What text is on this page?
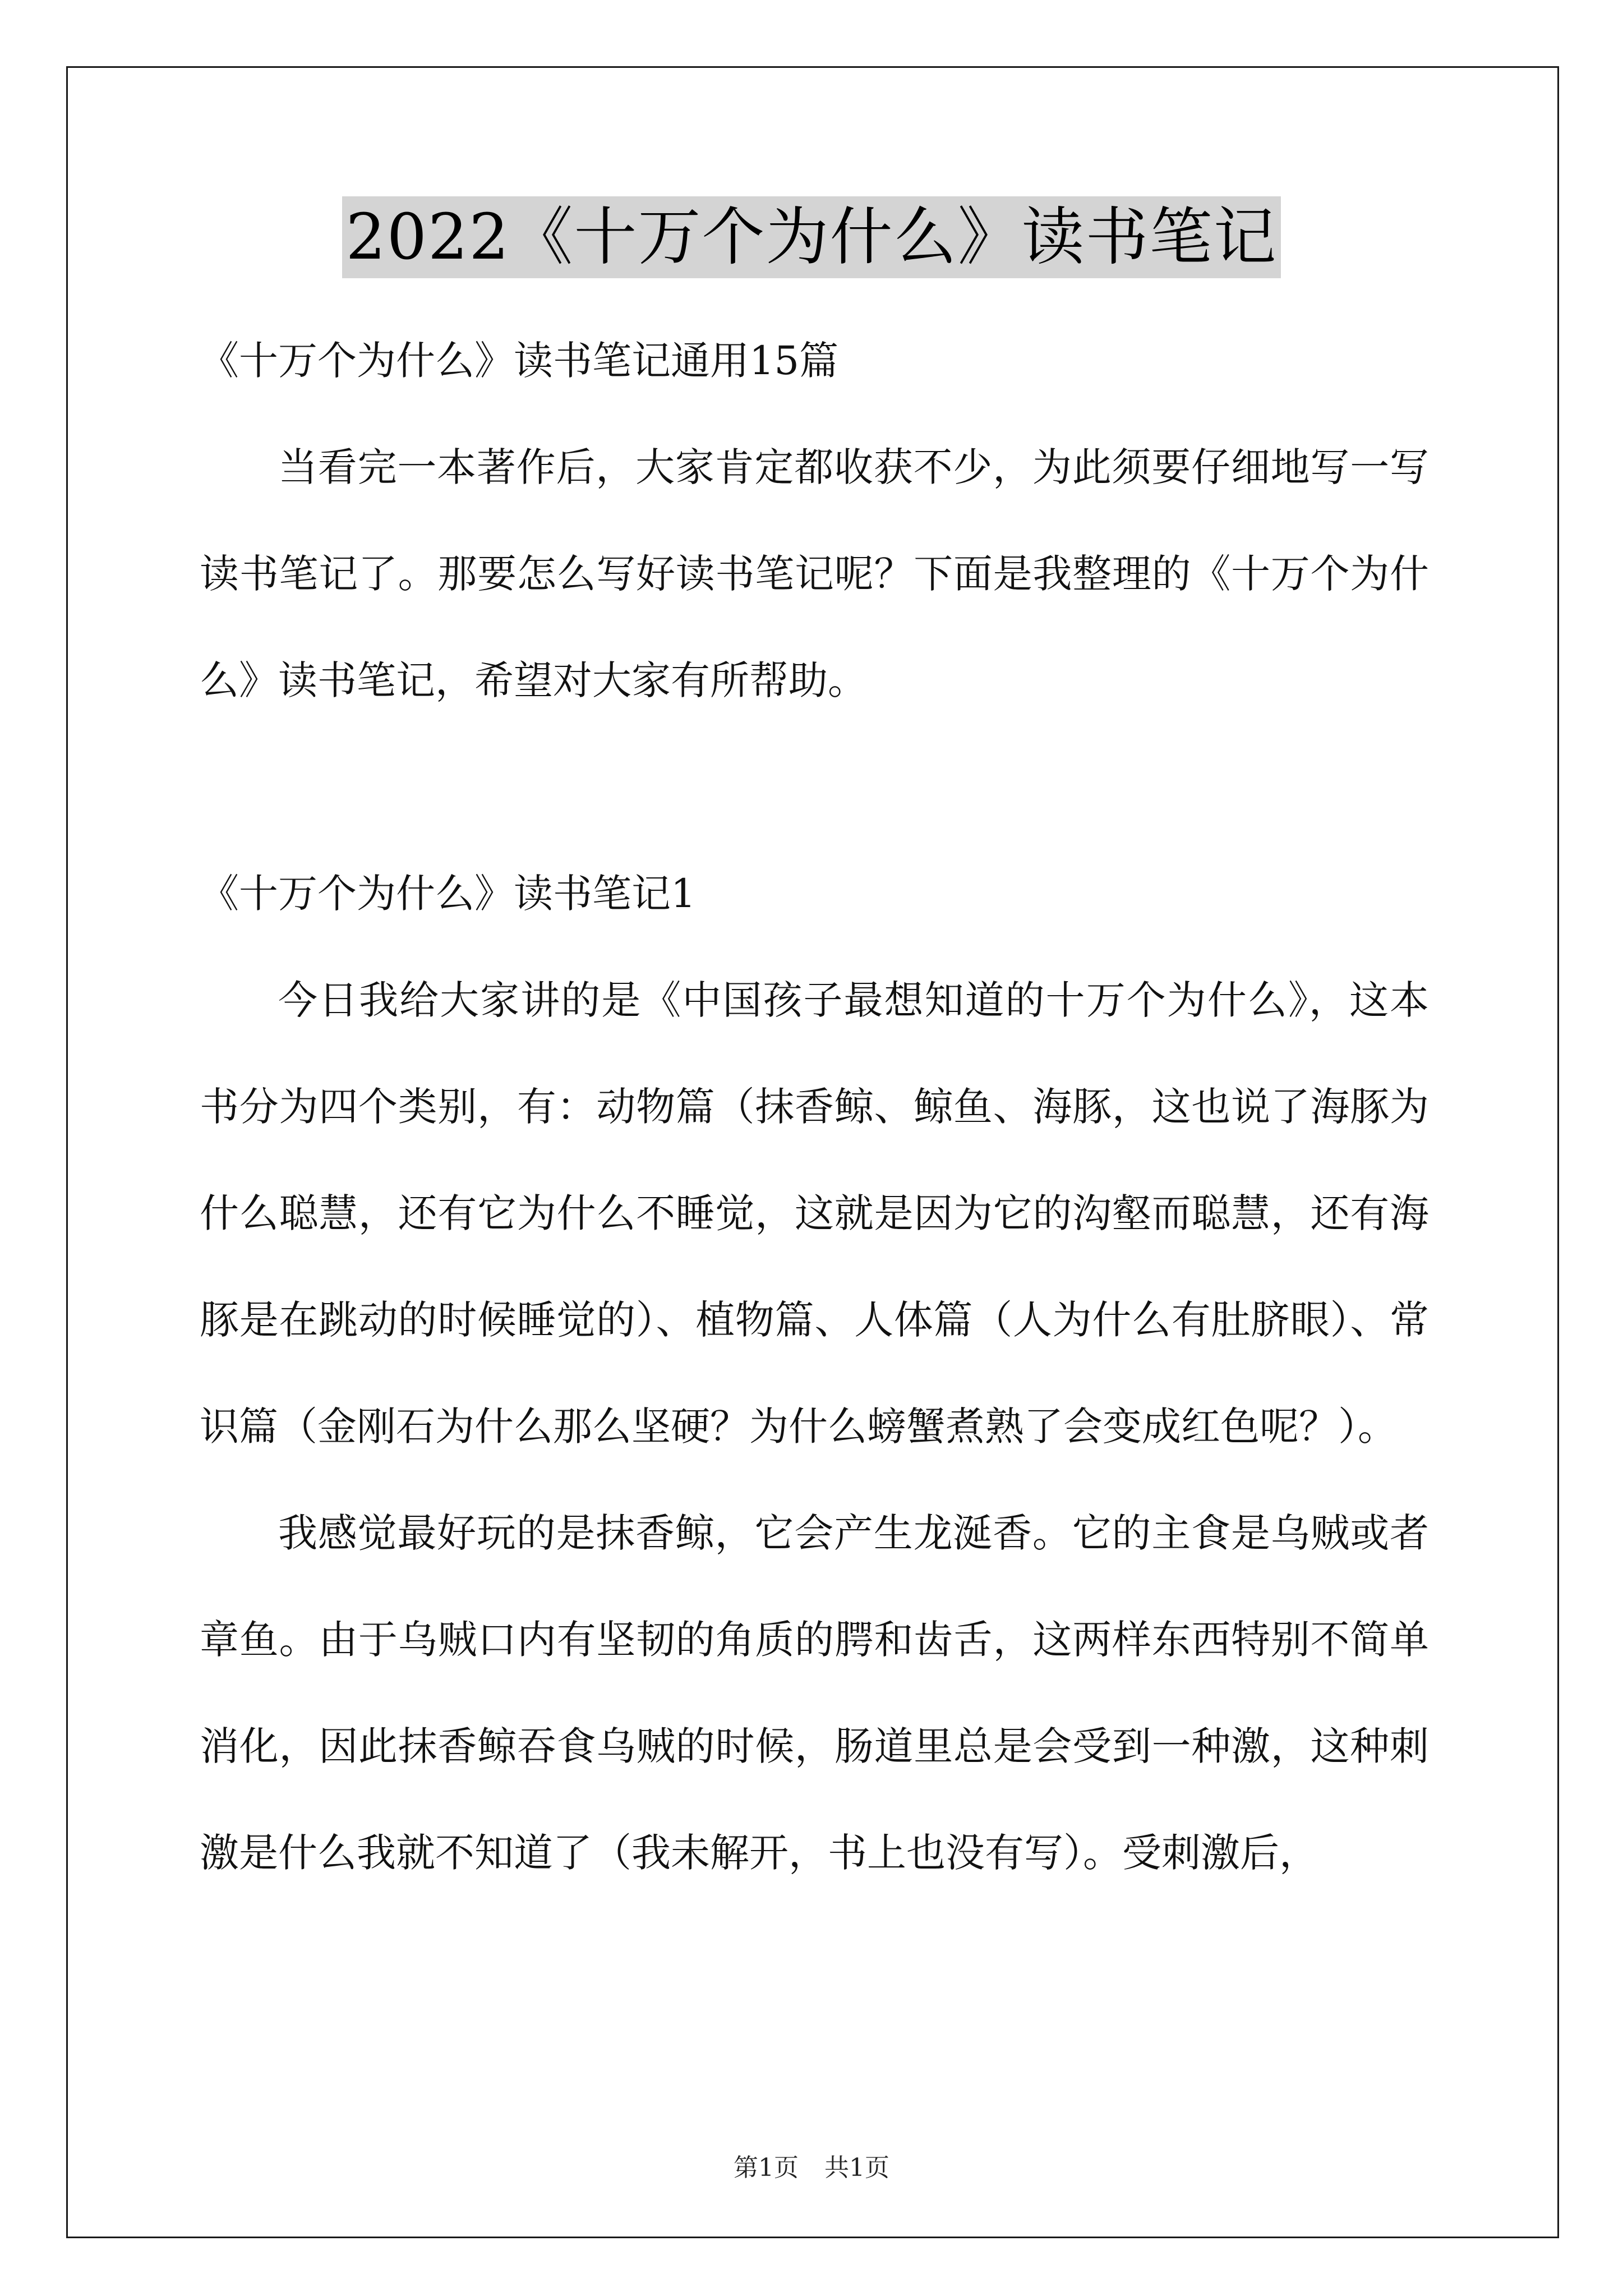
2022《十万个为什么》读书笔记

《十万个为什么》读书笔记通用15篇

当看完一本著作后，大家肯定都收获不少，为此须要仔细地写一写读书笔记了。那要怎么写好读书笔记呢？下面是我整理的《十万个为什么》读书笔记，希望对大家有所帮助。

《十万个为什么》读书笔记1

今日我给大家讲的是《中国孩子最想知道的十万个为什么》，这本书分为四个类别，有：动物篇（抹香鲸、鲸鱼、海豚，这也说了海豚为什么聪慧，还有它为什么不睡觉，这就是因为它的沟壑而聪慧，还有海豚是在跳动的时候睡觉的）、植物篇、人体篇（人为什么有肚脐眼）、常识篇（金刚石为什么那么坚硬？为什么螃蟹煮熟了会变成红色呢？）。

我感觉最好玩的是抹香鲸，它会产生龙涎香。它的主食是乌贼或者章鱼。由于乌贼口内有坚韧的角质的腭和齿舌，这两样东西特别不简单消化，因此抹香鲸吞食乌贼的时候，肠道里总是会受到一种激，这种刺激是什么我就不知道了（我未解开，书上也没有写）。受刺激后，

第1页 共1页
